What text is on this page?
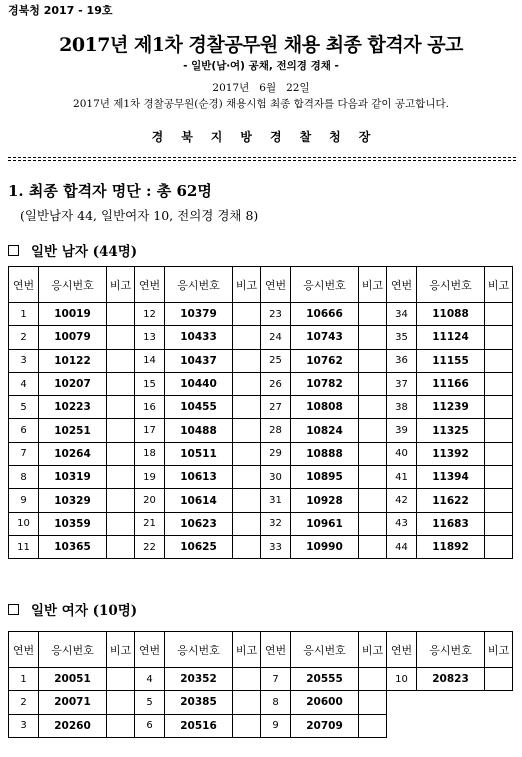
경북청 2017 - 19호
2017년 제1차 경찰공무원 채용 최종 합격자 공고
- 일반(남‧여) 공채, 전의경 경채 -
2017년   6월   22일
2017년 제1차 경찰공무원(순경) 채용시험 최종 합격자를 다음과 같이 공고합니다.
경북지방경찰청장
1. 최종 합격자 명단 : 총 62명
(일반남자 44, 일반여자 10, 전의경 경채 8)
일반 남자 (44명)
연번	응시번호	비고	연번	응시번호	비고	연번	응시번호	비고	연번	응시번호	비고
1	10019		12	10379		23	10666		34	11088	
2	10079		13	10433		24	10743		35	11124	
3	10122		14	10437		25	10762		36	11155	
4	10207		15	10440		26	10782		37	11166	
5	10223		16	10455		27	10808		38	11239	
6	10251		17	10488		28	10824		39	11325	
7	10264		18	10511		29	10888		40	11392	
8	10319		19	10613		30	10895		41	11394	
9	10329		20	10614		31	10928		42	11622	
10	10359		21	10623		32	10961		43	11683	
11	10365		22	10625		33	10990		44	11892	
일반 여자 (10명)
연번	응시번호	비고	연번	응시번호	비고	연번	응시번호	비고	연번	응시번호	비고
1	20051		4	20352		7	20555		10	20823	
2	20071		5	20385		8	20600				
3	20260		6	20516		9	20709				
